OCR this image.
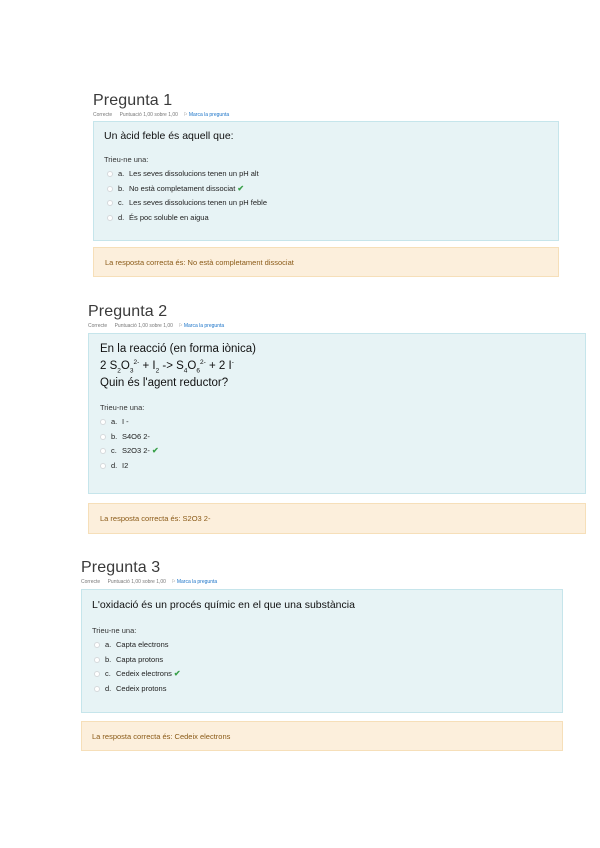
Pregunta 1
Correcte Puntuació 1,00 sobre 1,00 ⚐Marca la pregunta
Un àcid feble és aquell que:
Trieu-ne una:
a. Les seves dissolucions tenen un pH alt
b. No està completament dissociat ✔
c. Les seves dissolucions tenen un pH feble
d. És poc soluble en aigua
La resposta correcta és: No està completament dissociat
Pregunta 2
Correcte Puntuació 1,00 sobre 1,00 ⚐Marca la pregunta
En la reacció (en forma iònica)
2 $S_2O_3^{2-} + I_2 -> S_4O_6^{2-} + 2$ I-
Quin és l'agent reductor?
Trieu-ne una:
a. I -
b. S4O6 2-
c. S2O3 2- ✔
d. I2
La resposta correcta és: S2O3 2-
Pregunta 3
Correcte Puntuació 1,00 sobre 1,00 ⚐Marca la pregunta
L'oxidació és un procés químic en el que una substància
Trieu-ne una:
a. Capta electrons
b. Capta protons
c. Cedeix electrons ✔
d. Cedeix protons
La resposta correcta és: Cedeix electrons
